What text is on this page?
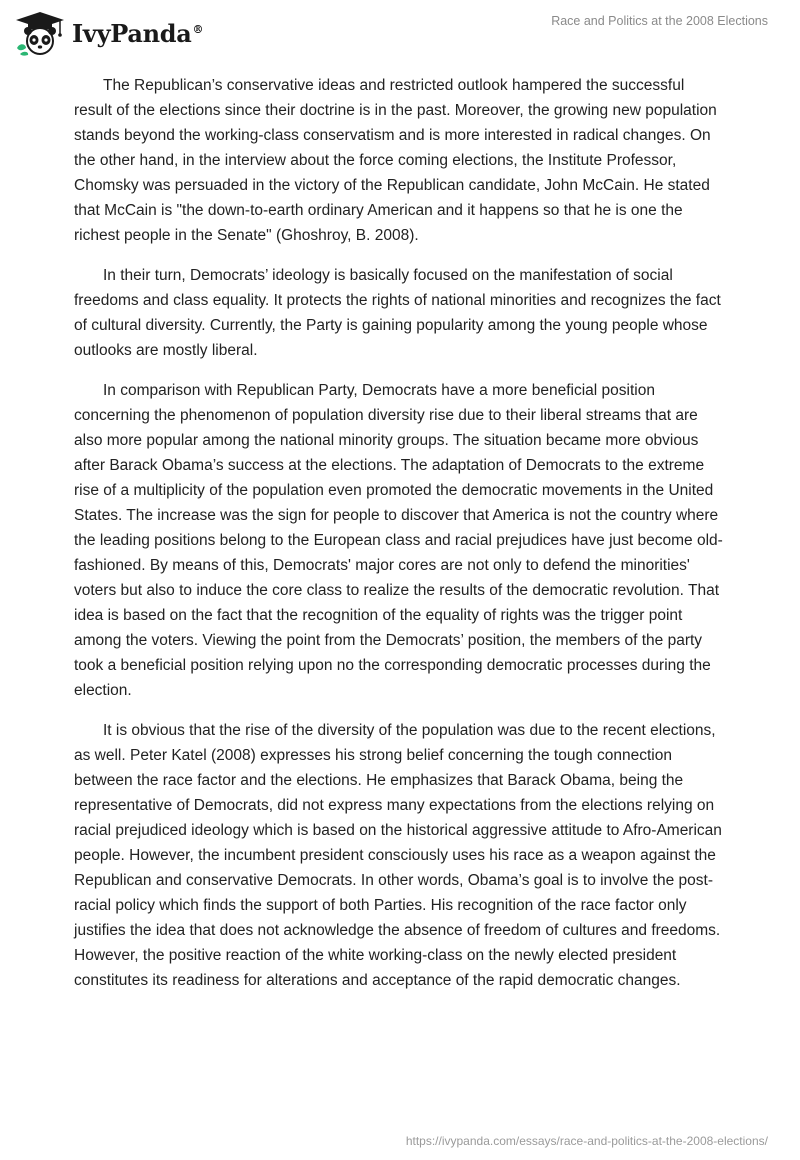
IvyPanda®
Race and Politics at the 2008 Elections

The Republican’s conservative ideas and restricted outlook hampered the successful result of the elections since their doctrine is in the past. Moreover, the growing new population stands beyond the working-class conservatism and is more interested in radical changes. On the other hand, in the interview about the force coming elections, the Institute Professor, Chomsky was persuaded in the victory of the Republican candidate, John McCain. He stated that McCain is "the down-to-earth ordinary American and it happens so that he is one the richest people in the Senate" (Ghoshroy, B. 2008).

In their turn, Democrats’ ideology is basically focused on the manifestation of social freedoms and class equality. It protects the rights of national minorities and recognizes the fact of cultural diversity. Currently, the Party is gaining popularity among the young people whose outlooks are mostly liberal.

In comparison with Republican Party, Democrats have a more beneficial position concerning the phenomenon of population diversity rise due to their liberal streams that are also more popular among the national minority groups. The situation became more obvious after Barack Obama’s success at the elections. The adaptation of Democrats to the extreme rise of a multiplicity of the population even promoted the democratic movements in the United States. The increase was the sign for people to discover that America is not the country where the leading positions belong to the European class and racial prejudices have just become old-fashioned. By means of this, Democrats' major cores are not only to defend the minorities' voters but also to induce the core class to realize the results of the democratic revolution. That idea is based on the fact that the recognition of the equality of rights was the trigger point among the voters. Viewing the point from the Democrats’ position, the members of the party took a beneficial position relying upon no the corresponding democratic processes during the election.

It is obvious that the rise of the diversity of the population was due to the recent elections, as well. Peter Katel (2008) expresses his strong belief concerning the tough connection between the race factor and the elections. He emphasizes that Barack Obama, being the representative of Democrats, did not express many expectations from the elections relying on racial prejudiced ideology which is based on the historical aggressive attitude to Afro-American people. However, the incumbent president consciously uses his race as a weapon against the Republican and conservative Democrats. In other words, Obama’s goal is to involve the post-racial policy which finds the support of both Parties. His recognition of the race factor only justifies the idea that does not acknowledge the absence of freedom of cultures and freedoms. However, the positive reaction of the white working-class on the newly elected president constitutes its readiness for alterations and acceptance of the rapid democratic changes.

https://ivypanda.com/essays/race-and-politics-at-the-2008-elections/
